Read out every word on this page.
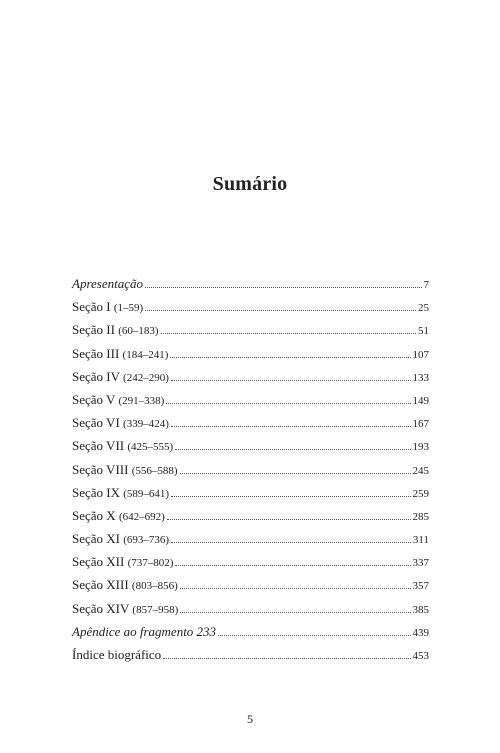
Sumário
Apresentação	7
Seção I (1–59)	25
Seção II (60–183)	51
Seção III (184–241)	107
Seção IV (242–290)	133
Seção V (291–338)	149
Seção VI (339–424)	167
Seção VII (425–555)	193
Seção VIII (556–588)	245
Seção IX (589–641)	259
Seção X (642–692)	285
Seção XI (693–736)	311
Seção XII (737–802)	337
Seção XIII (803–856)	357
Seção XIV (857–958)	385
Apêndice ao fragmento 233	439
Índice biográfico	453
5
